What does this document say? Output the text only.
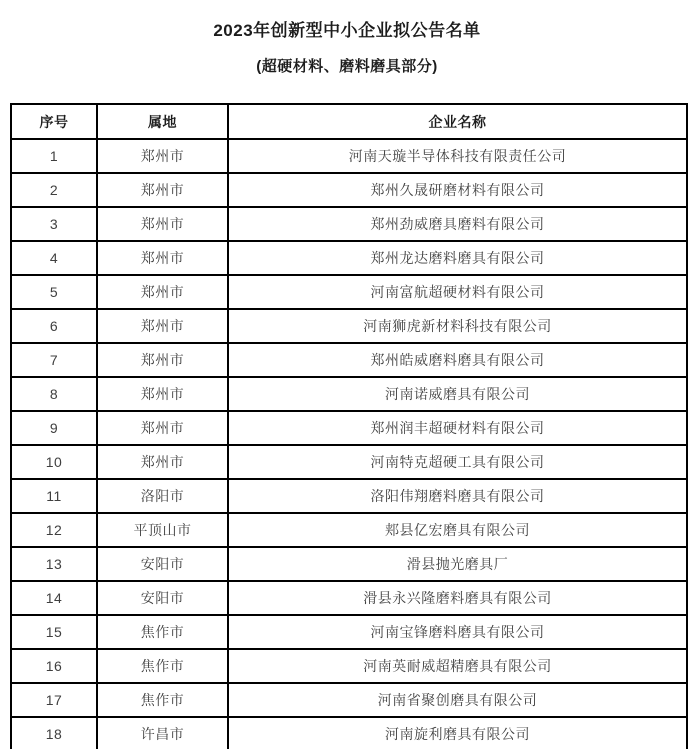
2023年创新型中小企业拟公告名单
(超硬材料、磨料磨具部分)
序号	属地	企业名称
1	郑州市	河南天璇半导体科技有限责任公司
2	郑州市	郑州久晟研磨材料有限公司
3	郑州市	郑州劲威磨具磨料有限公司
4	郑州市	郑州龙达磨料磨具有限公司
5	郑州市	河南富航超硬材料有限公司
6	郑州市	河南狮虎新材料科技有限公司
7	郑州市	郑州皓威磨料磨具有限公司
8	郑州市	河南诺威磨具有限公司
9	郑州市	郑州润丰超硬材料有限公司
10	郑州市	河南特克超硬工具有限公司
11	洛阳市	洛阳伟翔磨料磨具有限公司
12	平顶山市	郏县亿宏磨具有限公司
13	安阳市	滑县抛光磨具厂
14	安阳市	滑县永兴隆磨料磨具有限公司
15	焦作市	河南宝锋磨料磨具有限公司
16	焦作市	河南英耐威超精磨具有限公司
17	焦作市	河南省聚创磨具有限公司
18	许昌市	河南旋利磨具有限公司
